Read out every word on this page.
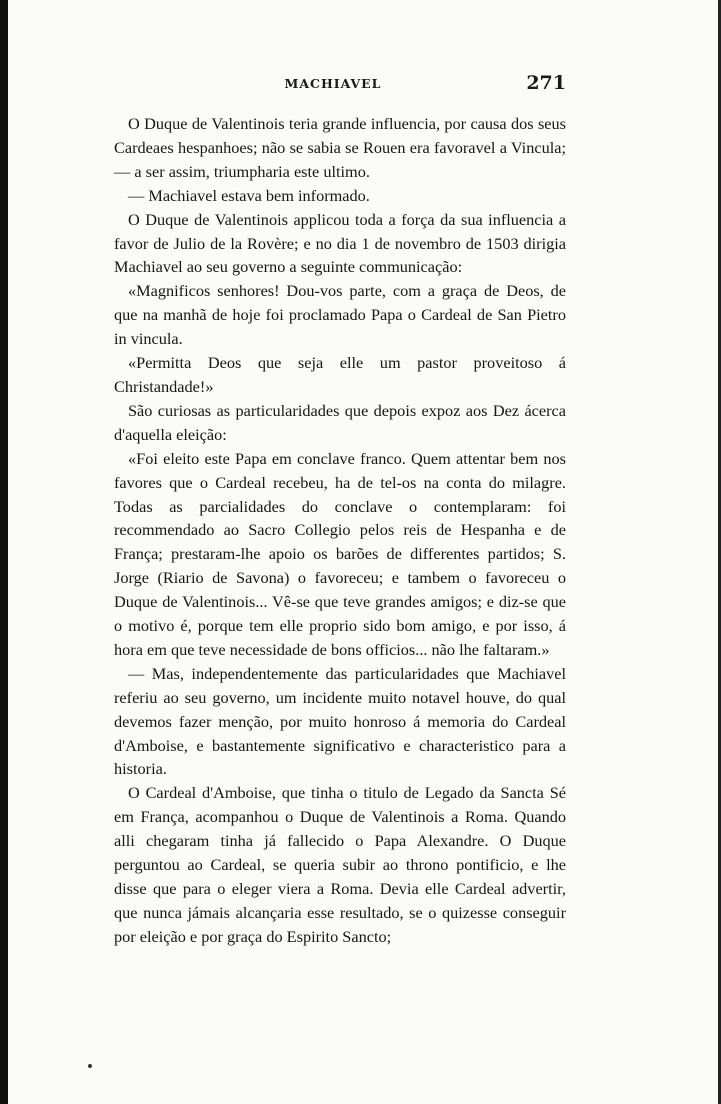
MACHIAVEL	271

O Duque de Valentinois teria grande influencia, por causa dos seus Cardeaes hespanhoes; não se sabia se Rouen era favoravel a Vincula;— a ser assim, triumpharia este ultimo.

— Machiavel estava bem informado.

O Duque de Valentinois applicou toda a força da sua influencia a favor de Julio de la Rovère; e no dia 1 de novembro de 1503 dirigia Machiavel ao seu governo a seguinte communicação:

«Magnificos senhores! Dou-vos parte, com a graça de Deos, de que na manhã de hoje foi proclamado Papa o Cardeal de San Pietro in vincula.

«Permitta Deos que seja elle um pastor proveitoso á Christandade!»

São curiosas as particularidades que depois expoz aos Dez ácerca d'aquella eleição:

«Foi eleito este Papa em conclave franco. Quem attentar bem nos favores que o Cardeal recebeu, ha de tel-os na conta do milagre. Todas as parcialidades do conclave o contemplaram: foi recommendado ao Sacro Collegio pelos reis de Hespanha e de França; prestaram-lhe apoio os barões de differentes partidos; S. Jorge (Riario de Savona) o favoreceu; e tambem o favoreceu o Duque de Valentinois... Vê-se que teve grandes amigos; e diz-se que o motivo é, porque tem elle proprio sido bom amigo, e por isso, á hora em que teve necessidade de bons officios... não lhe faltaram.»

— Mas, independentemente das particularidades que Machiavel referiu ao seu governo, um incidente muito notavel houve, do qual devemos fazer menção, por muito honroso á memoria do Cardeal d'Amboise, e bastantemente significativo e characteristico para a historia.

O Cardeal d'Amboise, que tinha o titulo de Legado da Sancta Sé em França, acompanhou o Duque de Valentinois a Roma. Quando alli chegaram tinha já fallecido o Papa Alexandre. O Duque perguntou ao Cardeal, se queria subir ao throno pontificio, e lhe disse que para o eleger viera a Roma. Devia elle Cardeal advertir, que nunca jámais alcançaria esse resultado, se o quizesse conseguir por eleição e por graça do Espirito Sancto;
